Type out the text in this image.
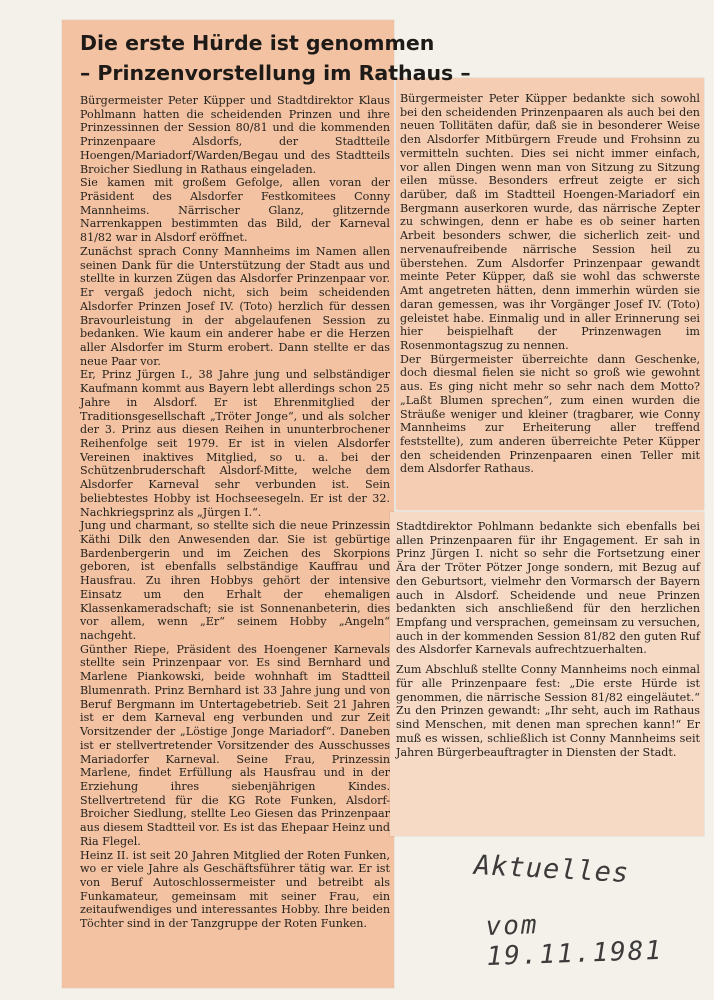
Die erste Hürde ist genommen
– Prinzenvorstellung im Rathaus –

Bürgermeister Peter Küpper und Stadtdirektor Klaus Pohlmann hatten die scheidenden Prinzen und ihre Prinzessinnen der Session 80/81 und die kommenden Prinzenpaare Alsdorfs, der Stadtteile Hoengen/Mariadorf/Warden/Begau und des Stadtteils Broicher Siedlung in Rathaus eingeladen.

Sie kamen mit großem Gefolge, allen voran der Präsident des Alsdorfer Festkomitees Conny Mannheims. Närrischer Glanz, glitzernde Narrenkappen bestimmten das Bild, der Karneval 81/82 war in Alsdorf eröffnet.

Zunächst sprach Conny Mannheims im Namen allen seinen Dank für die Unterstützung der Stadt aus und stellte in kurzen Zügen das Alsdorfer Prinzenpaar vor. Er vergaß jedoch nicht, sich beim scheidenden Alsdorfer Prinzen Josef IV. (Toto) herzlich für dessen Bravourleistung in der abgelaufenen Session zu bedanken. Wie kaum ein anderer habe er die Herzen aller Alsdorfer im Sturm erobert. Dann stellte er das neue Paar vor.

Er, Prinz Jürgen I., 38 Jahre jung und selbständiger Kaufmann kommt aus Bayern lebt allerdings schon 25 Jahre in Alsdorf. Er ist Ehrenmitglied der Traditionsgesellschaft „Tröter Jonge“, und als solcher der 3. Prinz aus diesen Reihen in ununterbrochener Reihenfolge seit 1979. Er ist in vielen Alsdorfer Vereinen inaktives Mitglied, so u. a. bei der Schützenbruderschaft Alsdorf-Mitte, welche dem Alsdorfer Karneval sehr verbunden ist. Sein beliebtestes Hobby ist Hochseesegeln. Er ist der 32. Nachkriegsprinz als „Jürgen I.“.

Jung und charmant, so stellte sich die neue Prinzessin Käthi Dilk den Anwesenden dar. Sie ist gebürtige Bardenbergerin und im Zeichen des Skorpions geboren, ist ebenfalls selbständige Kauffrau und Hausfrau. Zu ihren Hobbys gehört der intensive Einsatz um den Erhalt der ehemaligen Klassenkameradschaft; sie ist Sonnenanbeterin, dies vor allem, wenn „Er“ seinem Hobby „Angeln“ nachgeht.

Günther Riepe, Präsident des Hoengener Karnevals stellte sein Prinzenpaar vor. Es sind Bernhard und Marlene Piankowski, beide wohnhaft im Stadtteil Blumenrath. Prinz Bernhard ist 33 Jahre jung und von Beruf Bergmann im Untertagebetrieb. Seit 21 Jahren ist er dem Karneval eng verbunden und zur Zeit Vorsitzender der „Löstige Jonge Mariadorf“. Daneben ist er stellvertretender Vorsitzender des Ausschusses Mariadorfer Karneval. Seine Frau, Prinzessin Marlene, findet Erfüllung als Hausfrau und in der Erziehung ihres siebenjährigen Kindes. Stellvertretend für die KG Rote Funken, Alsdorf-Broicher Siedlung, stellte Leo Giesen das Prinzenpaar aus diesem Stadtteil vor. Es ist das Ehepaar Heinz und Ria Flegel.

Heinz II. ist seit 20 Jahren Mitglied der Roten Funken, wo er viele Jahre als Geschäftsführer tätig war. Er ist von Beruf Autoschlossermeister und betreibt als Funkamateur, gemeinsam mit seiner Frau, ein zeitaufwendiges und interessantes Hobby. Ihre beiden Töchter sind in der Tanzgruppe der Roten Funken.

Bürgermeister Peter Küpper bedankte sich sowohl bei den scheidenden Prinzenpaaren als auch bei den neuen Tollitäten dafür, daß sie in besonderer Weise den Alsdorfer Mitbürgern Freude und Frohsinn zu vermitteln suchten. Dies sei nicht immer einfach, vor allen Dingen wenn man von Sitzung zu Sitzung eilen müsse. Besonders erfreut zeigte er sich darüber, daß im Stadtteil Hoengen-Mariadorf ein Bergmann auserkoren wurde, das närrische Zepter zu schwingen, denn er habe es ob seiner harten Arbeit besonders schwer, die sicherlich zeit- und nervenaufreibende närrische Session heil zu überstehen. Zum Alsdorfer Prinzenpaar gewandt meinte Peter Küpper, daß sie wohl das schwerste Amt angetreten hätten, denn immerhin würden sie daran gemessen, was ihr Vorgänger Josef IV. (Toto) geleistet habe. Einmalig und in aller Erinnerung sei hier beispielhaft der Prinzenwagen im Rosenmontagszug zu nennen.

Der Bürgermeister überreichte dann Geschenke, doch diesmal fielen sie nicht so groß wie gewohnt aus. Es ging nicht mehr so sehr nach dem Motto? „Laßt Blumen sprechen“, zum einen wurden die Sträuße weniger und kleiner (tragbarer, wie Conny Mannheims zur Erheiterung aller treffend feststellte), zum anderen überreichte Peter Küpper den scheidenden Prinzenpaaren einen Teller mit dem Alsdorfer Rathaus.

Stadtdirektor Pohlmann bedankte sich ebenfalls bei allen Prinzenpaaren für ihr Engagement. Er sah in Prinz Jürgen I. nicht so sehr die Fortsetzung einer Ära der Tröter Pötzer Jonge sondern, mit Bezug auf den Geburtsort, vielmehr den Vormarsch der Bayern auch in Alsdorf. Scheidende und neue Prinzen bedankten sich anschließend für den herzlichen Empfang und versprachen, gemeinsam zu versuchen, auch in der kommenden Session 81/82 den guten Ruf des Alsdorfer Karnevals aufrechtzuerhalten.

Zum Abschluß stellte Conny Mannheims noch einmal für alle Prinzenpaare fest: „Die erste Hürde ist genommen, die närrische Session 81/82 eingeläutet.“ Zu den Prinzen gewandt: „Ihr seht, auch im Rathaus sind Menschen, mit denen man sprechen kann!“ Er muß es wissen, schließlich ist Conny Mannheims seit Jahren Bürgerbeauftragter in Diensten der Stadt.

Aktuelles
vom 19.11.1981
